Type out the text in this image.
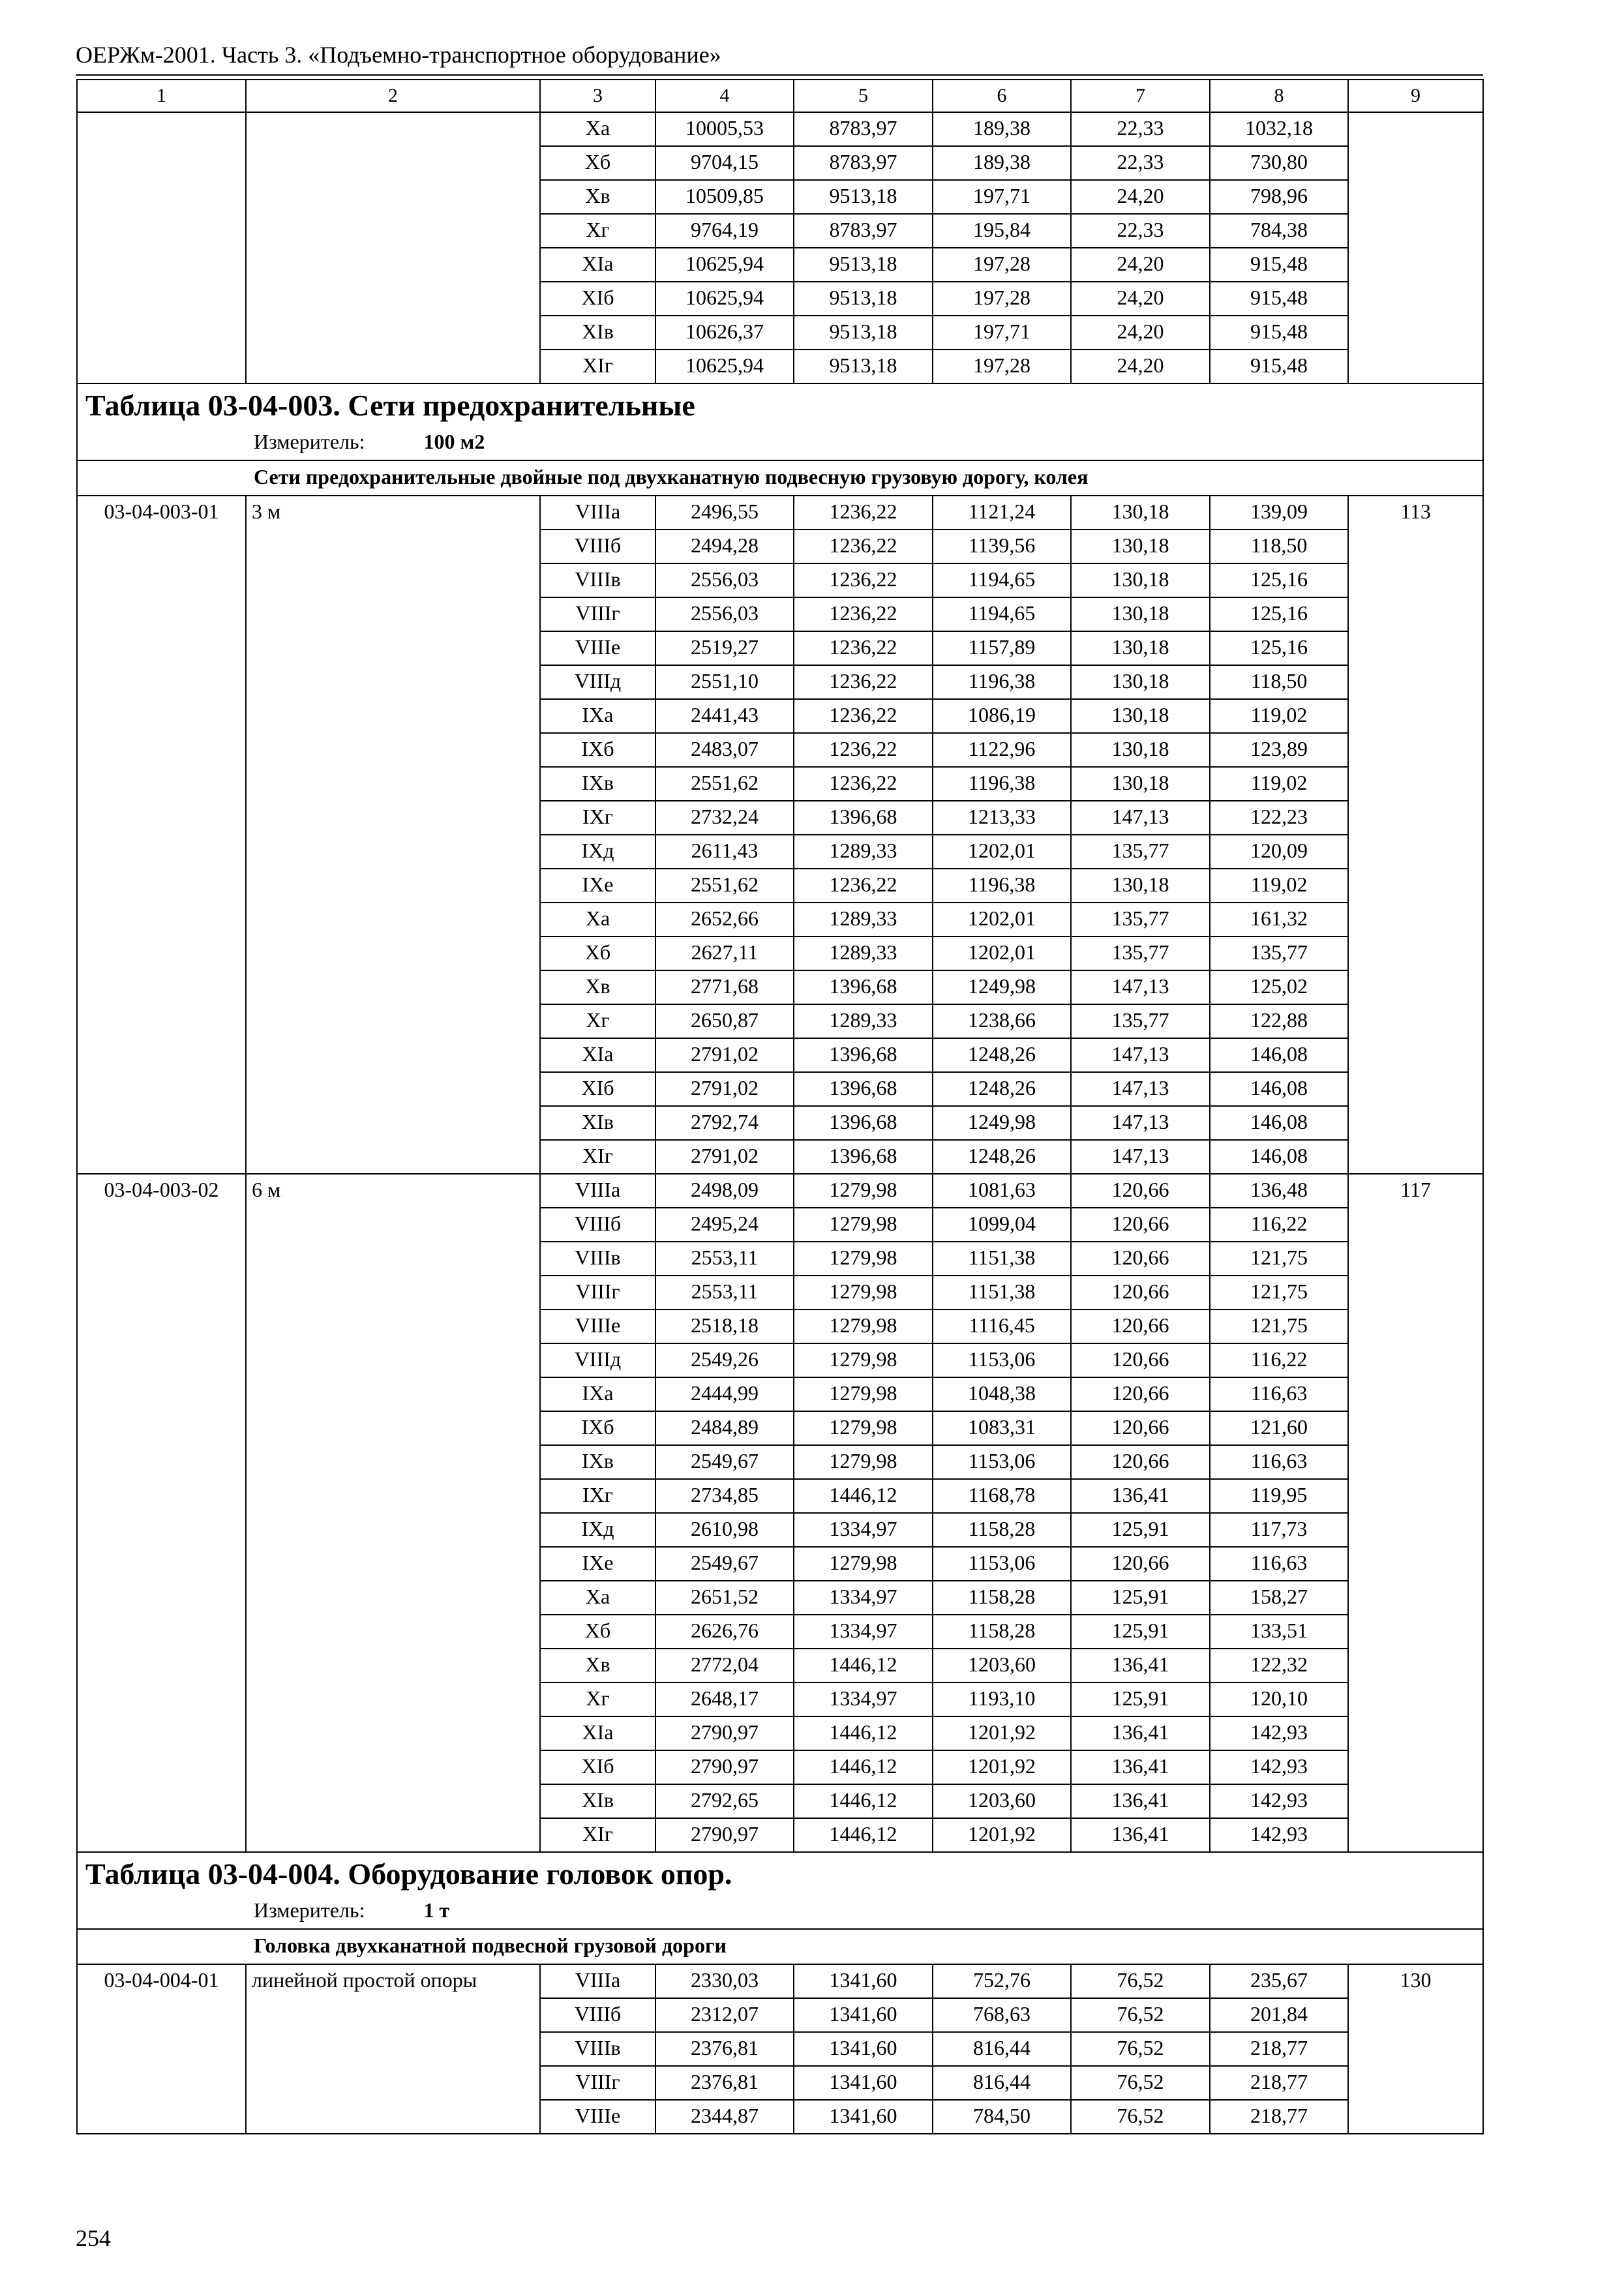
ОЕРЖм-2001. Часть 3. «Подъемно-транспортное оборудование»
1	2	3	4	5	6	7	8	9
		Xа	10005,53	8783,97	189,38	22,33	1032,18	
		Xб	9704,15	8783,97	189,38	22,33	730,80	
		Xв	10509,85	9513,18	197,71	24,20	798,96	
		Xг	9764,19	8783,97	195,84	22,33	784,38	
		XIа	10625,94	9513,18	197,28	24,20	915,48	
		XIб	10625,94	9513,18	197,28	24,20	915,48	
		XIв	10626,37	9513,18	197,71	24,20	915,48	
		XIг	10625,94	9513,18	197,28	24,20	915,48	
Таблица 03-04-003. Сети предохранительные								
Измеритель: 100 м2								
Сети предохранительные двойные под двухканатную подвесную грузовую дорогу, колея								
03-04-003-01	3 м	VIIIа	2496,55	1236,22	1121,24	130,18	139,09	113
		VIIIб	2494,28	1236,22	1139,56	130,18	118,50	
		VIIIв	2556,03	1236,22	1194,65	130,18	125,16	
		VIIIг	2556,03	1236,22	1194,65	130,18	125,16	
		VIIIе	2519,27	1236,22	1157,89	130,18	125,16	
		VIIIд	2551,10	1236,22	1196,38	130,18	118,50	
		IXа	2441,43	1236,22	1086,19	130,18	119,02	
		IXб	2483,07	1236,22	1122,96	130,18	123,89	
		IXв	2551,62	1236,22	1196,38	130,18	119,02	
		IXг	2732,24	1396,68	1213,33	147,13	122,23	
		IXд	2611,43	1289,33	1202,01	135,77	120,09	
		IXе	2551,62	1236,22	1196,38	130,18	119,02	
		Xа	2652,66	1289,33	1202,01	135,77	161,32	
		Xб	2627,11	1289,33	1202,01	135,77	135,77	
		Xв	2771,68	1396,68	1249,98	147,13	125,02	
		Xг	2650,87	1289,33	1238,66	135,77	122,88	
		XIа	2791,02	1396,68	1248,26	147,13	146,08	
		XIб	2791,02	1396,68	1248,26	147,13	146,08	
		XIв	2792,74	1396,68	1249,98	147,13	146,08	
		XIг	2791,02	1396,68	1248,26	147,13	146,08	
03-04-003-02	6 м	VIIIа	2498,09	1279,98	1081,63	120,66	136,48	117
		VIIIб	2495,24	1279,98	1099,04	120,66	116,22	
		VIIIв	2553,11	1279,98	1151,38	120,66	121,75	
		VIIIг	2553,11	1279,98	1151,38	120,66	121,75	
		VIIIе	2518,18	1279,98	1116,45	120,66	121,75	
		VIIIд	2549,26	1279,98	1153,06	120,66	116,22	
		IXа	2444,99	1279,98	1048,38	120,66	116,63	
		IXб	2484,89	1279,98	1083,31	120,66	121,60	
		IXв	2549,67	1279,98	1153,06	120,66	116,63	
		IXг	2734,85	1446,12	1168,78	136,41	119,95	
		IXд	2610,98	1334,97	1158,28	125,91	117,73	
		IXе	2549,67	1279,98	1153,06	120,66	116,63	
		Xа	2651,52	1334,97	1158,28	125,91	158,27	
		Xб	2626,76	1334,97	1158,28	125,91	133,51	
		Xв	2772,04	1446,12	1203,60	136,41	122,32	
		Xг	2648,17	1334,97	1193,10	125,91	120,10	
		XIа	2790,97	1446,12	1201,92	136,41	142,93	
		XIб	2790,97	1446,12	1201,92	136,41	142,93	
		XIв	2792,65	1446,12	1203,60	136,41	142,93	
		XIг	2790,97	1446,12	1201,92	136,41	142,93	
Таблица 03-04-004. Оборудование головок опор.								
Измеритель: 1 т								
Головка двухканатной подвесной грузовой дороги								
03-04-004-01	линейной простой опоры	VIIIа	2330,03	1341,60	752,76	76,52	235,67	130
		VIIIб	2312,07	1341,60	768,63	76,52	201,84	
		VIIIв	2376,81	1341,60	816,44	76,52	218,77	
		VIIIг	2376,81	1341,60	816,44	76,52	218,77	
		VIIIе	2344,87	1341,60	784,50	76,52	218,77	
254
